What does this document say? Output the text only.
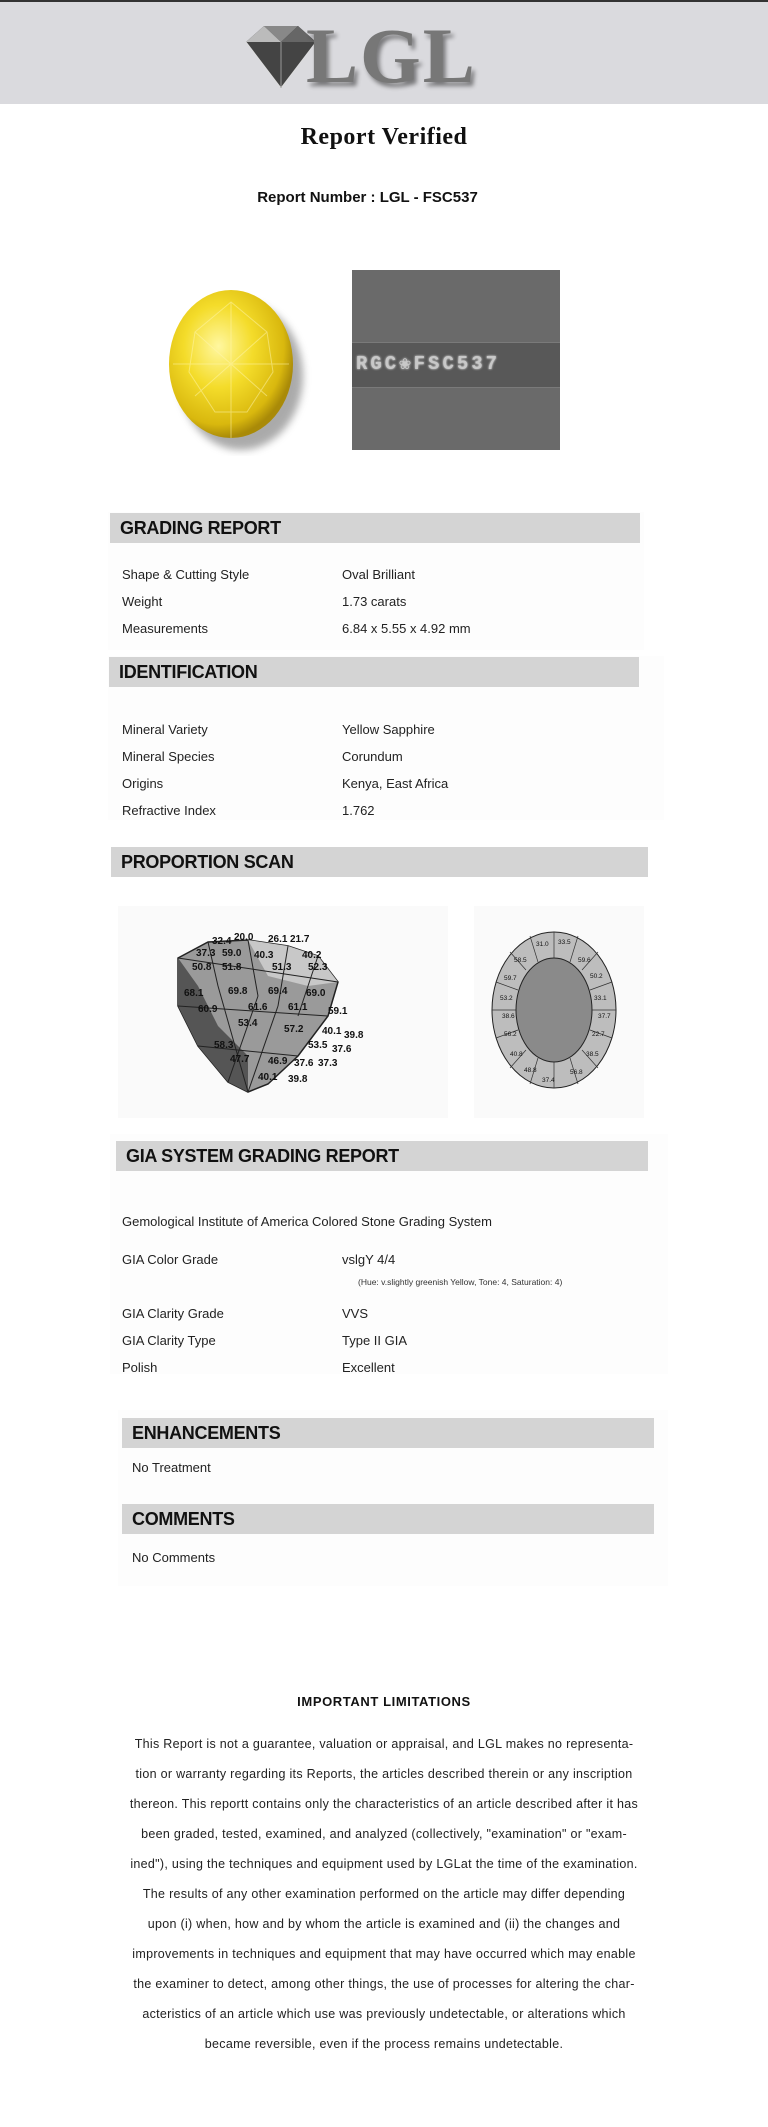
LGL
Report Verified
Report Number : LGL - FSC537
RGC❀FSC537
GRADING REPORT
Shape & Cutting Style	Oval Brilliant
Weight	1.73 carats
Measurements	6.84 x 5.55 x 4.92 mm
IDENTIFICATION
Mineral Variety	Yellow Sapphire
Mineral Species	Corundum
Origins	Kenya, East Africa
Refractive Index	1.762
PROPORTION SCAN
32.4 20.0 26.1 21.7
37.3 59.0 40.3	40.2
50.8 51.8	51.3 52.3
68.1 69.8 69.4 69.0
60.9	61.6 61.1 59.1
53.4
57.2 40.1 39.8
58.3	53.5 37.6
47.7 46.9 37.6 37.3
40.1 39.8
31.0 33.5
58.5	59.6
59.7	50.2
53.2	33.1
38.6	37.7
56.2	22.7
40.8	38.5
48.8	56.8
37.4
GIA SYSTEM GRADING REPORT
Gemological Institute of America Colored Stone Grading System
GIA Color Grade	vslgY 4/4
(Hue: v.slightly greenish Yellow, Tone: 4, Saturation: 4)
GIA Clarity Grade	VVS
GIA Clarity Type	Type II GIA
Polish	Excellent
ENHANCEMENTS
No Treatment
COMMENTS
No Comments
IMPORTANT LIMITATIONS
This Report is not a guarantee, valuation or appraisal, and LGL makes no representa-
tion or warranty regarding its Reports, the articles described therein or any inscription
thereon. This reportt contains only the characteristics of an article described after it has
been graded, tested, examined, and analyzed (collectively, "examination" or "exam-
ined"), using the techniques and equipment used by LGLat the time of the examination.
The results of any other examination performed on the article may differ depending
upon (i) when, how and by whom the article is examined and (ii) the changes and
improvements in techniques and equipment that may have occurred which may enable
the examiner to detect, among other things, the use of processes for altering the char-
acteristics of an article which use was previously undetectable, or alterations which
became reversible, even if the process remains undetectable.
